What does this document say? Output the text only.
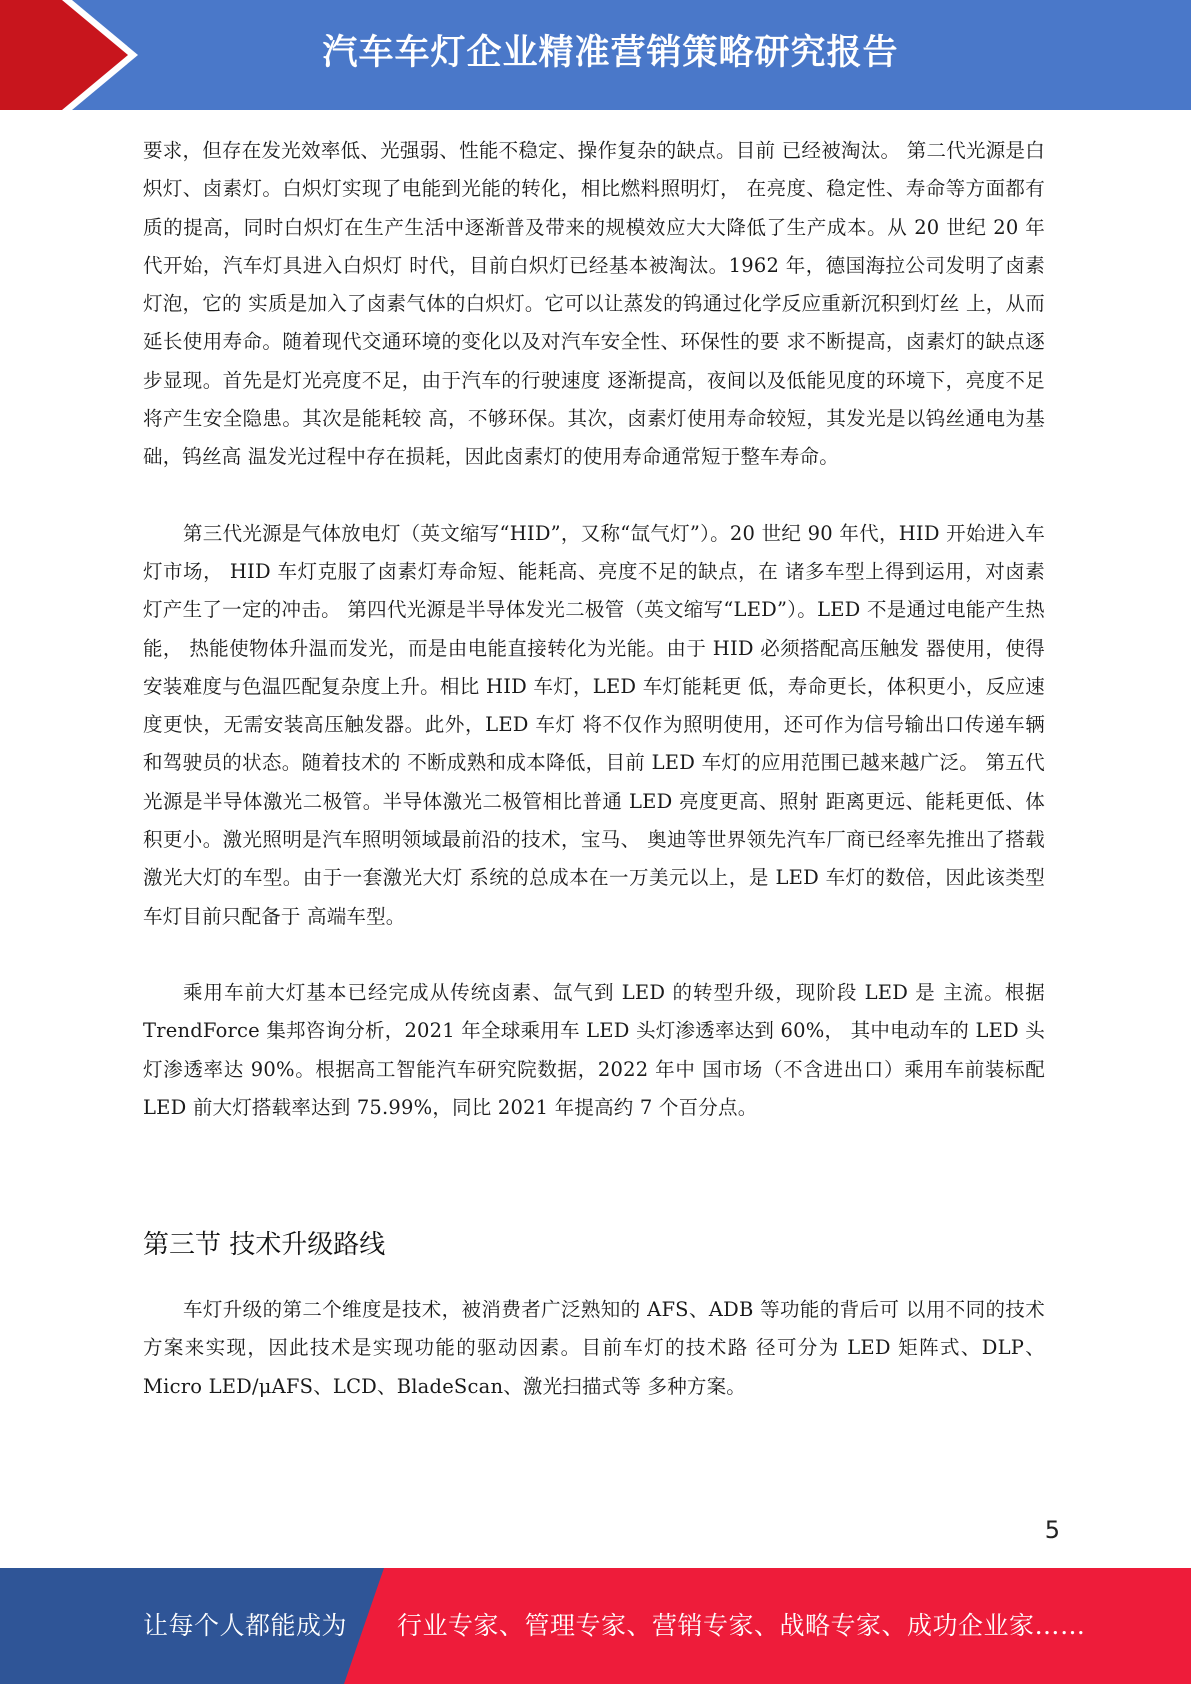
汽车车灯企业精准营销策略研究报告

要求，但存在发光效率低、光强弱、性能不稳定、操作复杂的缺点。目前 已经被淘汰。 第二代光源是白炽灯、卤素灯。白炽灯实现了电能到光能的转化，相比燃料照明灯， 在亮度、稳定性、寿命等方面都有质的提高，同时白炽灯在生产生活中逐渐普及带来的规模效应大大降低了生产成本。从 20 世纪 20 年代开始，汽车灯具进入白炽灯 时代，目前白炽灯已经基本被淘汰。1962 年，德国海拉公司发明了卤素灯泡，它的 实质是加入了卤素气体的白炽灯。它可以让蒸发的钨通过化学反应重新沉积到灯丝 上，从而延长使用寿命。随着现代交通环境的变化以及对汽车安全性、环保性的要 求不断提高，卤素灯的缺点逐步显现。首先是灯光亮度不足，由于汽车的行驶速度 逐渐提高，夜间以及低能见度的环境下，亮度不足将产生安全隐患。其次是能耗较 高，不够环保。其次，卤素灯使用寿命较短，其发光是以钨丝通电为基础，钨丝高 温发光过程中存在损耗，因此卤素灯的使用寿命通常短于整车寿命。

第三代光源是气体放电灯（英文缩写“HID”，又称“氙气灯”）。20 世纪 90 年代，HID 开始进入车灯市场， HID 车灯克服了卤素灯寿命短、能耗高、亮度不足的缺点，在 诸多车型上得到运用，对卤素灯产生了一定的冲击。 第四代光源是半导体发光二极管（英文缩写“LED”）。LED 不是通过电能产生热能， 热能使物体升温而发光，而是由电能直接转化为光能。由于 HID 必须搭配高压触发 器使用，使得安装难度与色温匹配复杂度上升。相比 HID 车灯，LED 车灯能耗更 低，寿命更长，体积更小，反应速度更快，无需安装高压触发器。此外，LED 车灯 将不仅作为照明使用，还可作为信号输出口传递车辆和驾驶员的状态。随着技术的 不断成熟和成本降低，目前 LED 车灯的应用范围已越来越广泛。 第五代光源是半导体激光二极管。半导体激光二极管相比普通 LED 亮度更高、照射 距离更远、能耗更低、体积更小。激光照明是汽车照明领域最前沿的技术，宝马、 奥迪等世界领先汽车厂商已经率先推出了搭载激光大灯的车型。由于一套激光大灯 系统的总成本在一万美元以上，是 LED 车灯的数倍，因此该类型车灯目前只配备于 高端车型。

乘用车前大灯基本已经完成从传统卤素、氙气到 LED 的转型升级，现阶段 LED 是 主流。根据 TrendForce 集邦咨询分析，2021 年全球乘用车 LED 头灯渗透率达到 60%， 其中电动车的 LED 头灯渗透率达 90%。根据高工智能汽车研究院数据，2022 年中 国市场（不含进出口）乘用车前装标配 LED 前大灯搭载率达到 75.99%，同比 2021 年提高约 7 个百分点。

第三节 技术升级路线

车灯升级的第二个维度是技术，被消费者广泛熟知的 AFS、ADB 等功能的背后可 以用不同的技术方案来实现，因此技术是实现功能的驱动因素。目前车灯的技术路 径可分为 LED 矩阵式、DLP、Micro LED/μAFS、LCD、BladeScan、激光扫描式等 多种方案。

5
让每个人都能成为 行业专家、管理专家、营销专家、战略专家、成功企业家……
